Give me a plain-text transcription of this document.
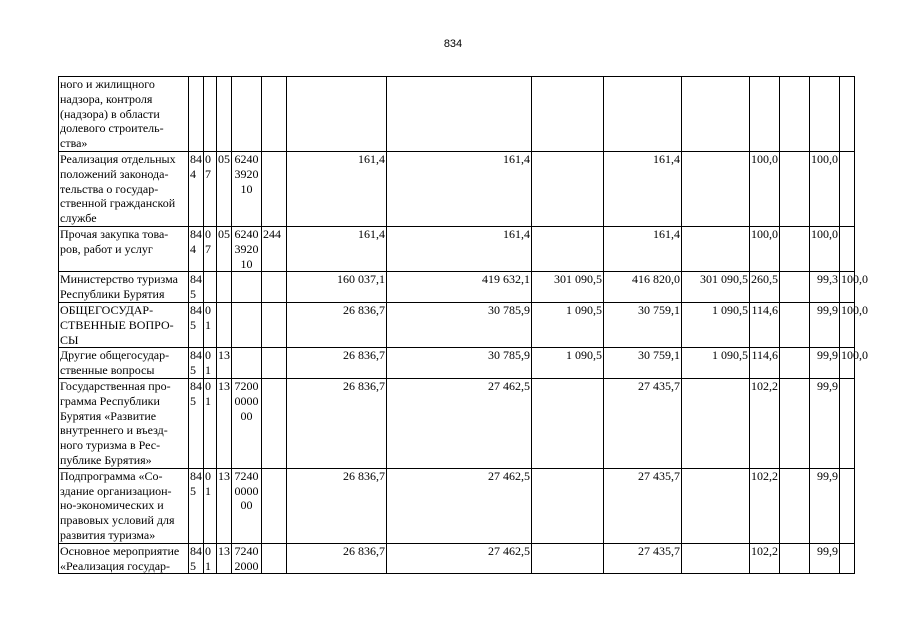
834
ного и жилищного надзора, контроля (надзора) в области долевого строитель-ства»														
Реализация отдельных положений законода-тельства о государ-ственной гражданской службе	844	07	05	6240 3920 10		161,4	161,4		161,4		100,0		100,0	
Прочая закупка това-ров, работ и услуг	844	07	05	6240 3920 10	244	161,4	161,4		161,4		100,0		100,0	
Министерство туризма Республики Бурятия	845					160 037,1	419 632,1	301 090,5	416 820,0	301 090,5	260,5		99,3	100,0
ОБЩЕГОСУДАР-СТВЕННЫЕ ВОПРО-СЫ	845	01				26 836,7	30 785,9	1 090,5	30 759,1	1 090,5	114,6		99,9	100,0
Другие общегосудар-ственные вопросы	845	01	13			26 836,7	30 785,9	1 090,5	30 759,1	1 090,5	114,6		99,9	100,0
Государственная про-грамма Республики Бурятия «Развитие внутреннего и въезд-ного туризма в Рес-публике Бурятия»	845	01	13	7200 0000 00		26 836,7	27 462,5		27 435,7		102,2		99,9	
Подпрограмма «Со-здание организацион-но-экономических и правовых условий для развития туризма»	845	01	13	7240 0000 00		26 836,7	27 462,5		27 435,7		102,2		99,9	
Основное мероприятие «Реализация государ-	845	01	13	7240 2000		26 836,7	27 462,5		27 435,7		102,2		99,9	
